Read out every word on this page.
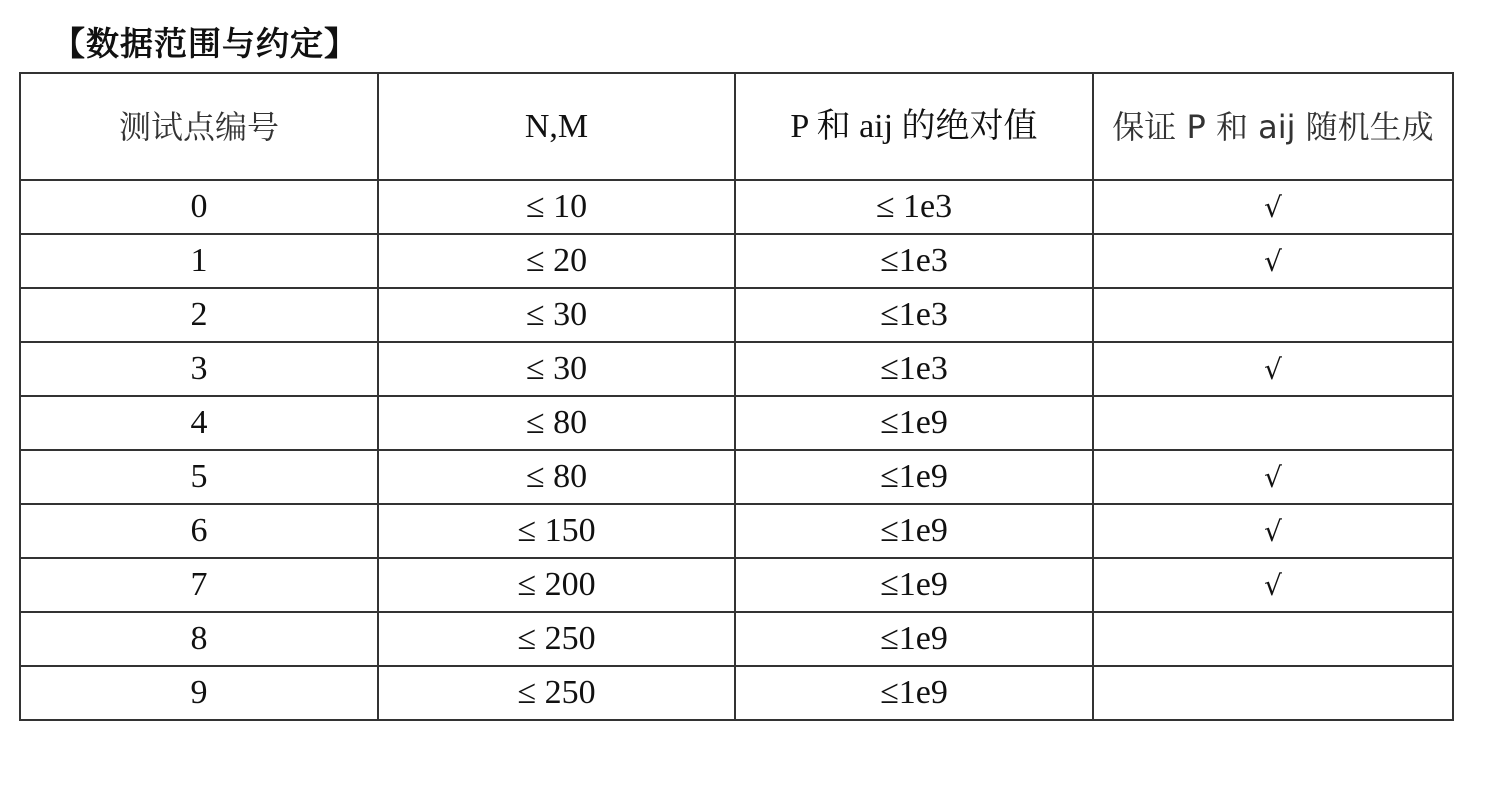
【数据范围与约定】
测试点编号	N,M	P 和 aij 的绝对值	保证 P 和 aij 随机生成
0	≤ 10	≤ 1e3	√
1	≤ 20	≤1e3	√
2	≤ 30	≤1e3	
3	≤ 30	≤1e3	√
4	≤ 80	≤1e9	
5	≤ 80	≤1e9	√
6	≤ 150	≤1e9	√
7	≤ 200	≤1e9	√
8	≤ 250	≤1e9	
9	≤ 250	≤1e9	
